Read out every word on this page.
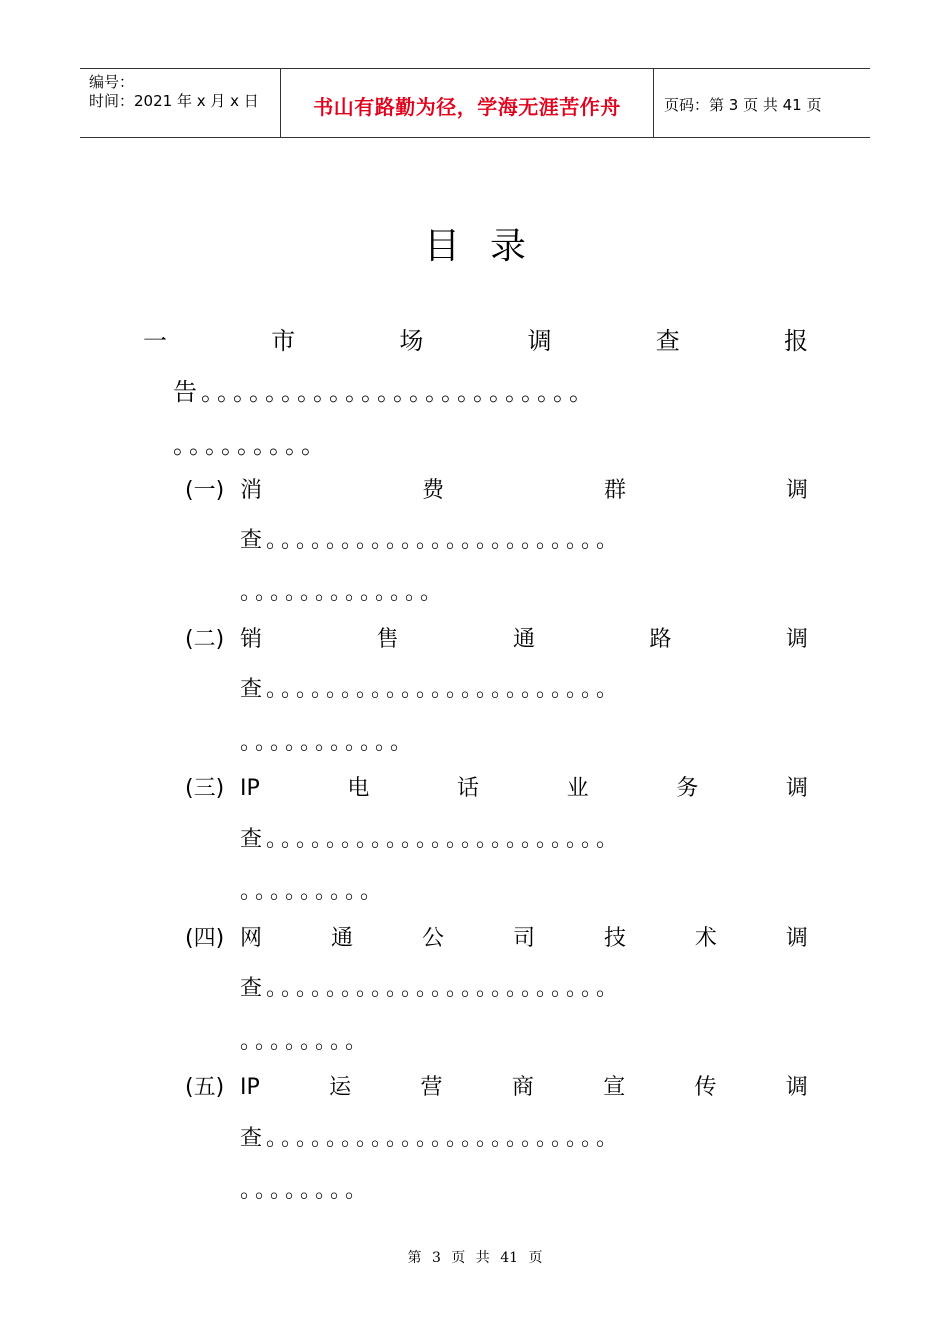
编号：
时间：2021 年 x 月 x 日	书山有路勤为径，学海无涯苦作舟	页码：第 3 页 共 41 页
目录
一	市	场	调	查	报
告。。。。。。。。。。。。。。。。。。。。。。。。
。。。。。。。。。
(一) 消	费	群	调
查。。。。。。。。。。。。。。。。。。。。。。。
。。。。。。。。。。。。。
(二) 销	售	通	路	调
查。。。。。。。。。。。。。。。。。。。。。。。
。。。。。。。。。。。
(三) IP	电	话	业	务	调
查。。。。。。。。。。。。。。。。。。。。。。。
。。。。。。。。。
(四) 网	通	公	司	技	术	调
查。。。。。。。。。。。。。。。。。。。。。。。
。。。。。。。。
(五) IP	运	营	商	宣	传	调
查。。。。。。。。。。。。。。。。。。。。。。。
。。。。。。。。
第 3 页 共 41 页
